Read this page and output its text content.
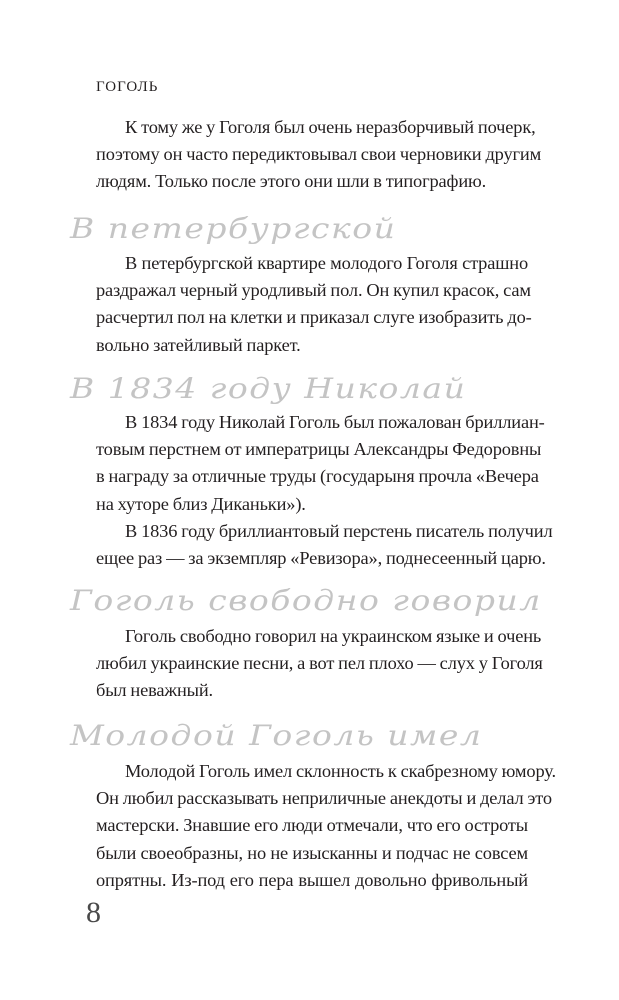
ГОГОЛЬ

К тому же у Гоголя был очень неразборчивый почерк,
поэтому он часто передиктовывал свои черновики другим
людям. Только после этого они шли в типографию.

В петербургской

В петербургской квартире молодого Гоголя страшно
раздражал черный уродливый пол. Он купил красок, сам
расчертил пол на клетки и приказал слуге изобразить до-
вольно затейливый паркет.

В 1834 году Николай

В 1834 году Николай Гоголь был пожалован бриллиан-
товым перстнем от императрицы Александры Федоровны
в награду за отличные труды (государыня прочла «Вечера
на хуторе близ Диканьки»).

В 1836 году бриллиантовый перстень писатель получил
ещее раз — за экземпляр «Ревизора», поднесеенный царю.

Гоголь свободно говорил

Гоголь свободно говорил на украинском языке и очень
любил украинские песни, а вот пел плохо — слух у Гоголя
был неважный.

Молодой Гоголь имел

Молодой Гоголь имел склонность к скабрезному юмору.
Он любил рассказывать неприличные анекдоты и делал это
мастерски. Знавшие его люди отмечали, что его остроты
были своеобразны, но не изысканны и подчас не совсем
опрятны. Из-под его пера вышел довольно фривольный

8
